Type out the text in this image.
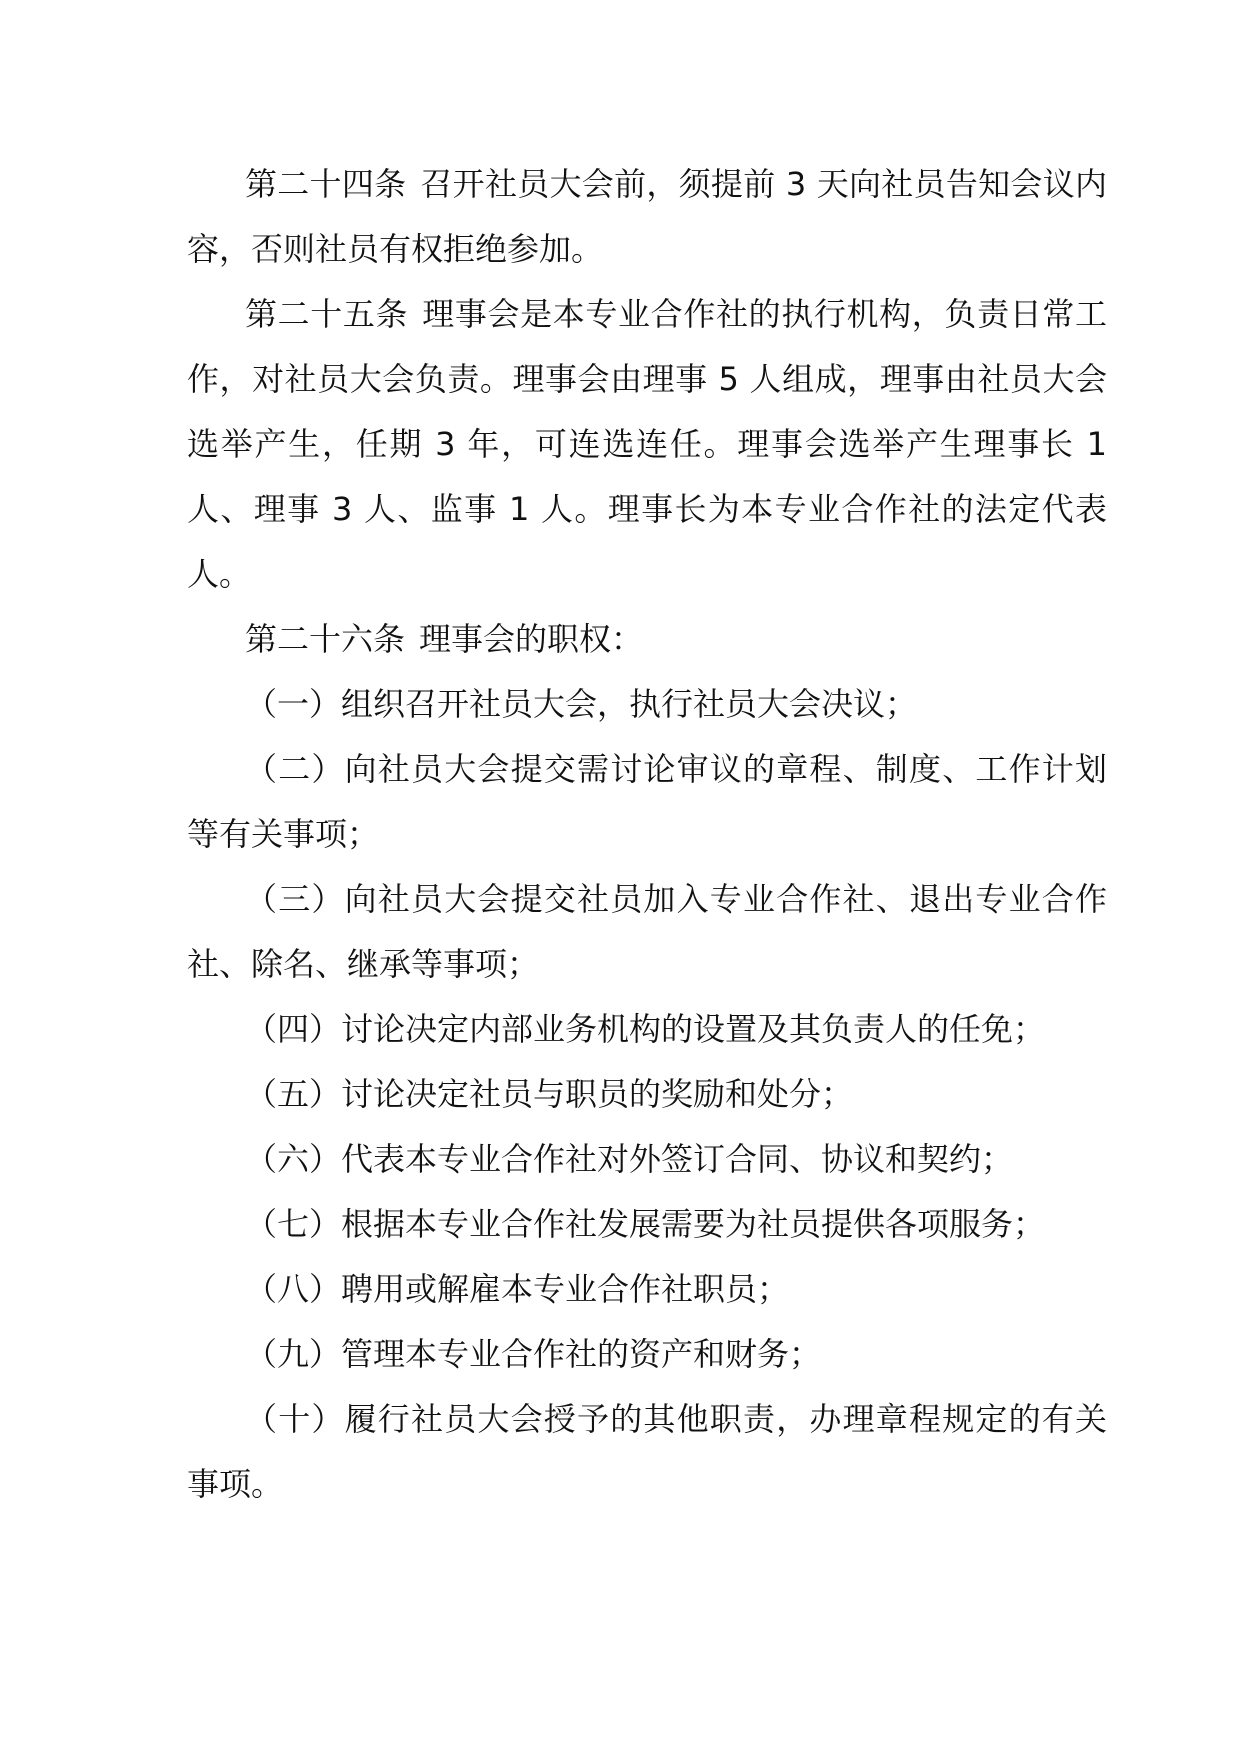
第二十四条 召开社员大会前，须提前 3 天向社员告知会议内容，否则社员有权拒绝参加。

第二十五条 理事会是本专业合作社的执行机构，负责日常工作，对社员大会负责。理事会由理事 5 人组成，理事由社员大会选举产生，任期 3 年，可连选连任。理事会选举产生理事长 1 人、理事 3 人、监事 1 人。理事长为本专业合作社的法定代表人。

第二十六条 理事会的职权：

（一）组织召开社员大会，执行社员大会决议；

（二）向社员大会提交需讨论审议的章程、制度、工作计划等有关事项；

（三）向社员大会提交社员加入专业合作社、退出专业合作社、除名、继承等事项；

（四）讨论决定内部业务机构的设置及其负责人的任免；

（五）讨论决定社员与职员的奖励和处分；

（六）代表本专业合作社对外签订合同、协议和契约；

（七）根据本专业合作社发展需要为社员提供各项服务；

（八）聘用或解雇本专业合作社职员；

（九）管理本专业合作社的资产和财务；

（十）履行社员大会授予的其他职责，办理章程规定的有关事项。
